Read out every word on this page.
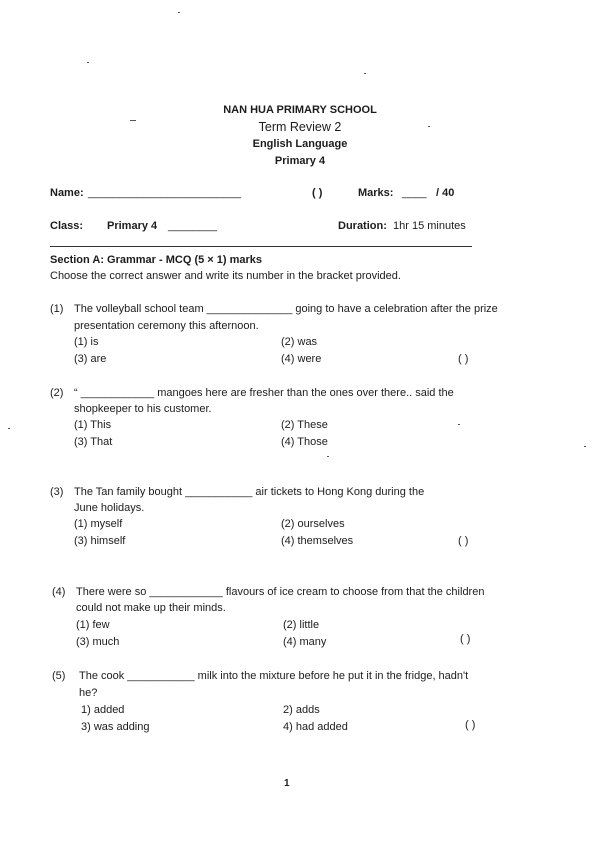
NAN HUA PRIMARY SCHOOL
Term Review 2
English Language
Primary 4
Name: _________________________	( )	Marks: ____ / 40
Class: Primary 4 ________	Duration: 1hr 15 minutes
Section A: Grammar - MCQ (5 × 1) marks
Choose the correct answer and write its number in the bracket provided.
(1) The volleyball school team ______________ going to have a celebration after the prize
presentation ceremony this afternoon.
(1) is	(2) was
(3) are	(4) were	( )
(2) “ ____________ mangoes here are fresher than the ones over there.. said the
shopkeeper to his customer.
(1) This	(2) These
(3) That	(4) Those
(3) The Tan family bought ___________ air tickets to Hong Kong during the
June holidays.
(1) myself	(2) ourselves
(3) himself	(4) themselves	( )
(4) There were so ____________ flavours of ice cream to choose from that the children
could not make up their minds.
(1) few	(2) little
(3) much	(4) many	( )
(5) The cook ___________ milk into the mixture before he put it in the fridge, hadn't
he?
1) added	2) adds
3) was adding	4) had added	( )
1
